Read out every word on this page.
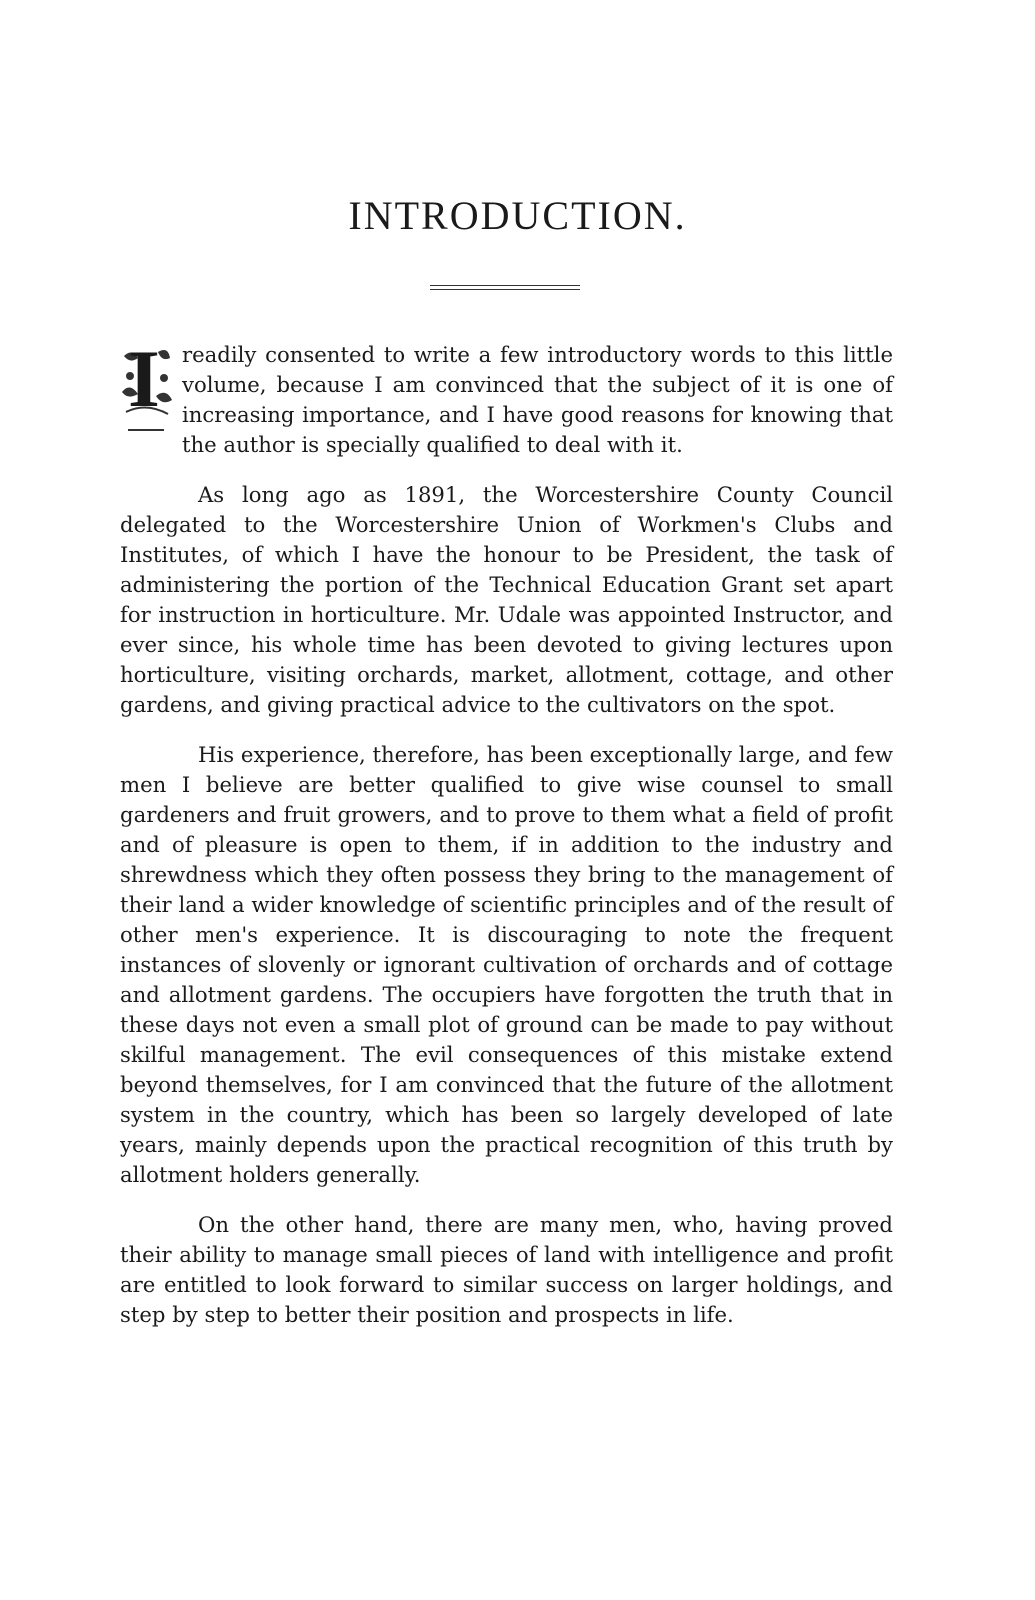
INTRODUCTION.

I readily consented to write a few introductory words to this little volume, because I am convinced that the subject of it is one of increasing importance, and I have good reasons for knowing that the author is specially qualified to deal with it.

As long ago as 1891, the Worcestershire County Council delegated to the Worcestershire Union of Workmen's Clubs and Institutes, of which I have the honour to be President, the task of administering the portion of the Technical Education Grant set apart for instruction in horticulture. Mr. Udale was appointed Instructor, and ever since, his whole time has been devoted to giving lectures upon horticulture, visiting orchards, market, allotment, cottage, and other gardens, and giving practical advice to the cultivators on the spot.

His experience, therefore, has been exceptionally large, and few men I believe are better qualified to give wise counsel to small gardeners and fruit growers, and to prove to them what a field of profit and of pleasure is open to them, if in addition to the industry and shrewdness which they often possess they bring to the management of their land a wider knowledge of scientific principles and of the result of other men's experience. It is discouraging to note the frequent instances of slovenly or ignorant cultivation of orchards and of cottage and allotment gardens. The occupiers have forgotten the truth that in these days not even a small plot of ground can be made to pay without skilful management. The evil consequences of this mistake extend beyond themselves, for I am convinced that the future of the allotment system in the country, which has been so largely developed of late years, mainly depends upon the practical recognition of this truth by allotment holders generally.

On the other hand, there are many men, who, having proved their ability to manage small pieces of land with intelligence and profit are entitled to look forward to similar success on larger holdings, and step by step to better their position and prospects in life.
